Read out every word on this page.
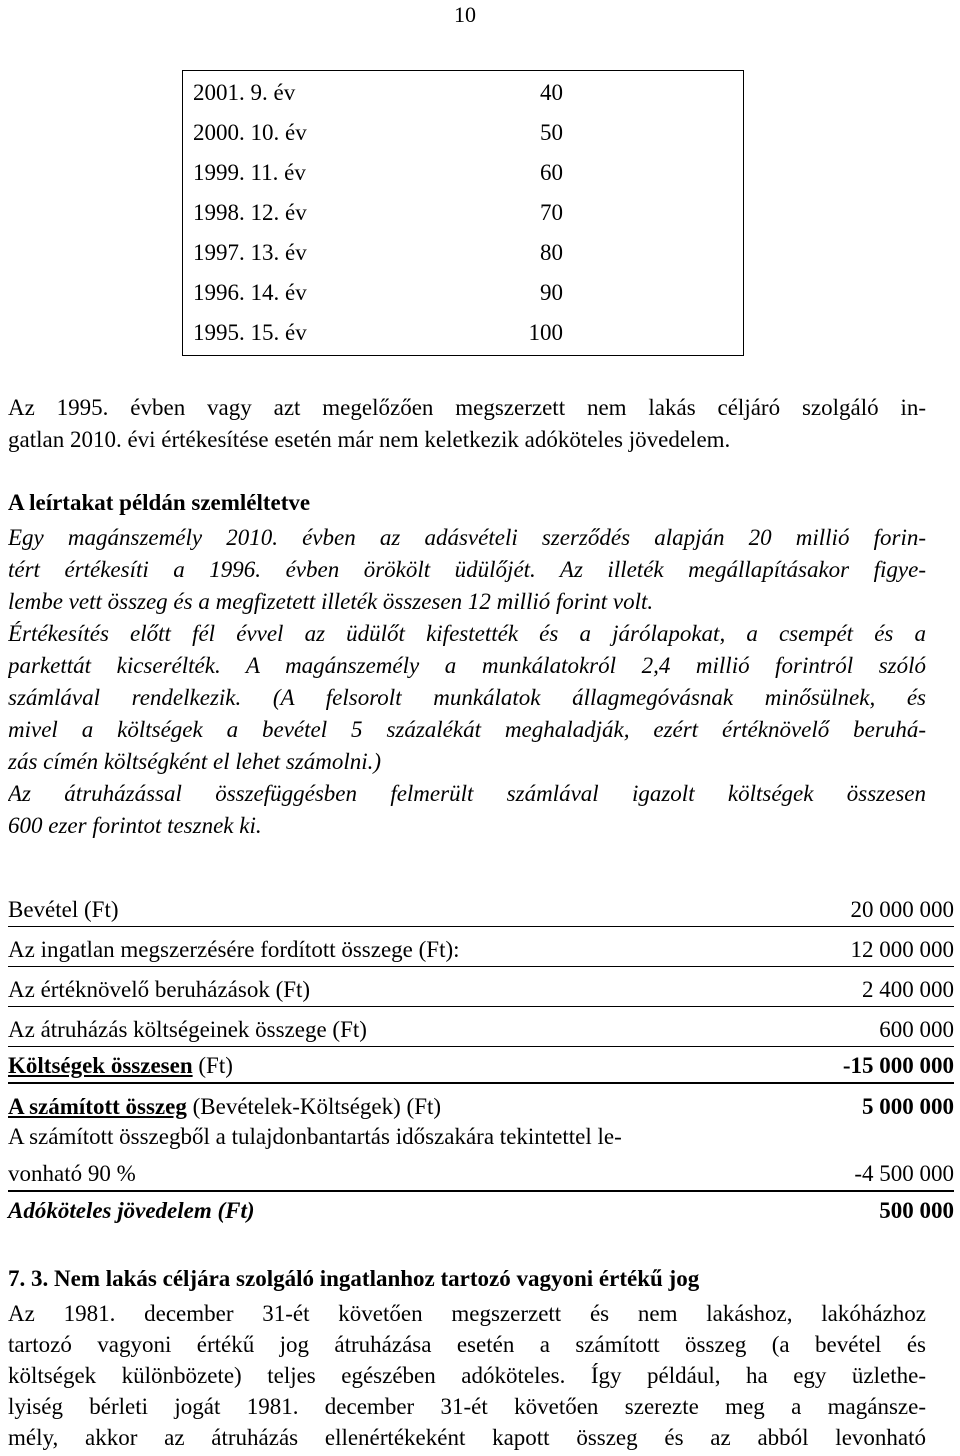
10
2001. 9. év	40
2000. 10. év	50
1999. 11. év	60
1998. 12. év	70
1997. 13. év	80
1996. 14. év	90
1995. 15. év	100
Az 1995. évben vagy azt megelőzően megszerzett nem lakás céljáró szolgáló in-
gatlan 2010. évi értékesítése esetén már nem keletkezik adóköteles jövedelem.
A leírtakat példán szemléltetve
Egy magánszemély 2010. évben az adásvételi szerződés alapján 20 millió forin-
tért értékesíti a 1996. évben örökölt üdülőjét. Az illeték megállapításakor figye-
lembe vett összeg és a megfizetett illeték összesen 12 millió forint volt.
Értékesítés előtt fél évvel az üdülőt kifestették és a járólapokat, a csempét és a
parkettát kicserélték. A magánszemély a munkálatokról 2,4 millió forintról szóló
számlával rendelkezik. (A felsorolt munkálatok állagmegóvásnak minősülnek, és
mivel a költségek a bevétel 5 százalékát meghaladják, ezért értéknövelő beruhá-
zás címén költségként el lehet számolni.)
Az átruházással összefüggésben felmerült számlával igazolt költségek összesen
600 ezer forintot tesznek ki.
Bevétel (Ft)	20 000 000
Az ingatlan megszerzésére fordított összege (Ft):	12 000 000
Az értéknövelő beruházások (Ft)	2 400 000
Az átruházás költségeinek összege (Ft)	600 000
Költségek összesen (Ft)	-15 000 000
A számított összeg (Bevételek-Költségek) (Ft)	5 000 000
A számított összegből a tulajdonbantartás időszakára tekintettel le-
vonható 90 %	-4 500 000
Adóköteles jövedelem (Ft)	500 000
7. 3. Nem lakás céljára szolgáló ingatlanhoz tartozó vagyoni értékű jog
Az 1981. december 31-ét követően megszerzett és nem lakáshoz, lakóházhoz
tartozó vagyoni értékű jog átruházása esetén a számított összeg (a bevétel és
költségek különbözete) teljes egészében adóköteles. Így például, ha egy üzlethe-
lyiség bérleti jogát 1981. december 31-ét követően szerezte meg a magánsze-
mély, akkor az átruházás ellenértékeként kapott összeg és az abból levonható
